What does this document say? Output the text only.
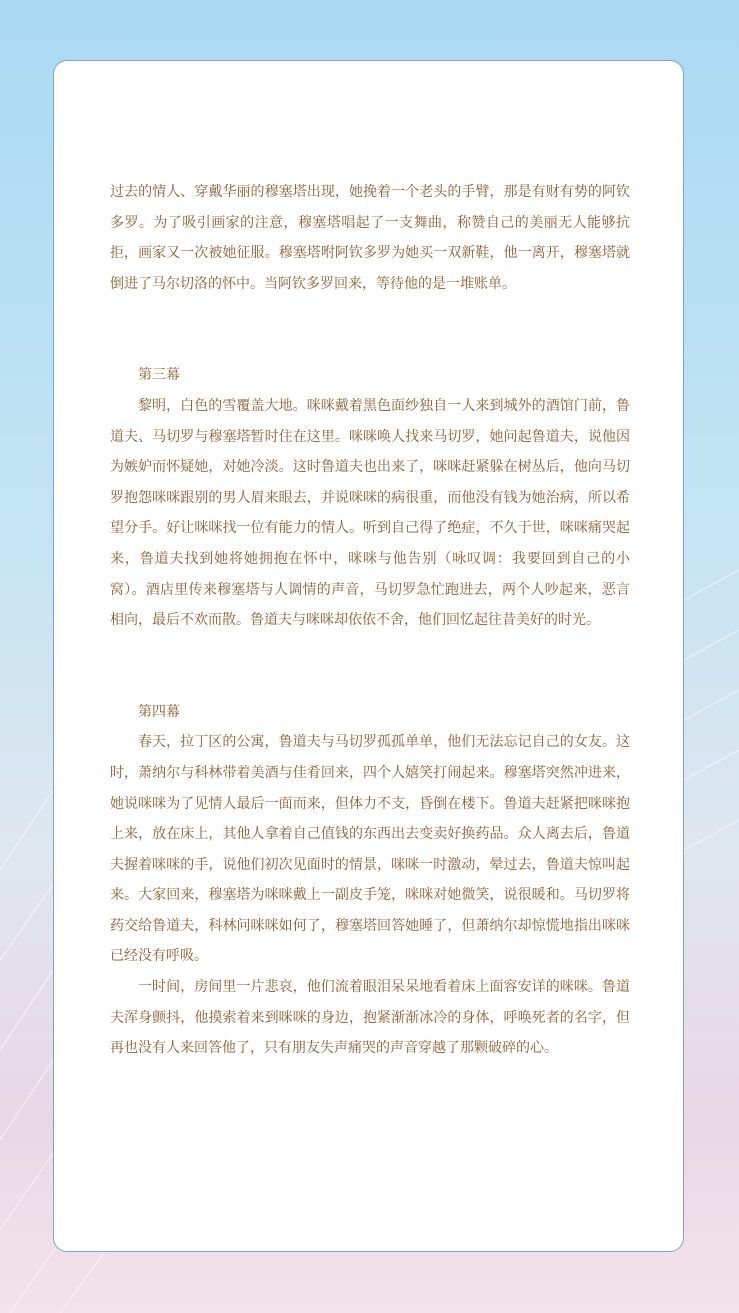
过去的情人、穿戴华丽的穆塞塔出现，她挽着一个老头的手臂，那是有财有势的阿钦多罗。为了吸引画家的注意，穆塞塔唱起了一支舞曲，称赞自己的美丽无人能够抗拒，画家又一次被她征服。穆塞塔咐阿钦多罗为她买一双新鞋，他一离开，穆塞塔就倒进了马尔切洛的怀中。当阿钦多罗回来，等待他的是一堆账单。

第三幕

黎明，白色的雪覆盖大地。咪咪戴着黑色面纱独自一人来到城外的酒馆门前，鲁道夫、马切罗与穆塞塔暂时住在这里。咪咪唤人找来马切罗，她问起鲁道夫，说他因为嫉妒而怀疑她，对她冷淡。这时鲁道夫也出来了，咪咪赶紧躲在树丛后，他向马切罗抱怨咪咪跟别的男人眉来眼去，并说咪咪的病很重，而他没有钱为她治病，所以希望分手。好让咪咪找一位有能力的情人。听到自己得了绝症，不久于世，咪咪痛哭起来，鲁道夫找到她将她拥抱在怀中，咪咪与他告别（咏叹调：我要回到自己的小窝）。酒店里传来穆塞塔与人调情的声音，马切罗急忙跑进去，两个人吵起来，恶言相向，最后不欢而散。鲁道夫与咪咪却依依不舍，他们回忆起往昔美好的时光。

第四幕

春天，拉丁区的公寓，鲁道夫与马切罗孤孤单单，他们无法忘记自己的女友。这时，萧纳尔与科林带着美酒与佳肴回来，四个人嬉笑打闹起来。穆塞塔突然冲进来，她说咪咪为了见情人最后一面而来，但体力不支，昏倒在楼下。鲁道夫赶紧把咪咪抱上来，放在床上，其他人拿着自己值钱的东西出去变卖好换药品。众人离去后，鲁道夫握着咪咪的手，说他们初次见面时的情景，咪咪一时激动，晕过去，鲁道夫惊叫起来。大家回来，穆塞塔为咪咪戴上一副皮手笼，咪咪对她微笑，说很暖和。马切罗将药交给鲁道夫，科林问咪咪如何了，穆塞塔回答她睡了，但萧纳尔却惊慌地指出咪咪已经没有呼吸。

一时间，房间里一片悲哀，他们流着眼泪呆呆地看着床上面容安详的咪咪。鲁道夫浑身颤抖，他摸索着来到咪咪的身边，抱紧渐渐冰冷的身体，呼唤死者的名字，但再也没有人来回答他了，只有朋友失声痛哭的声音穿越了那颗破碎的心。
